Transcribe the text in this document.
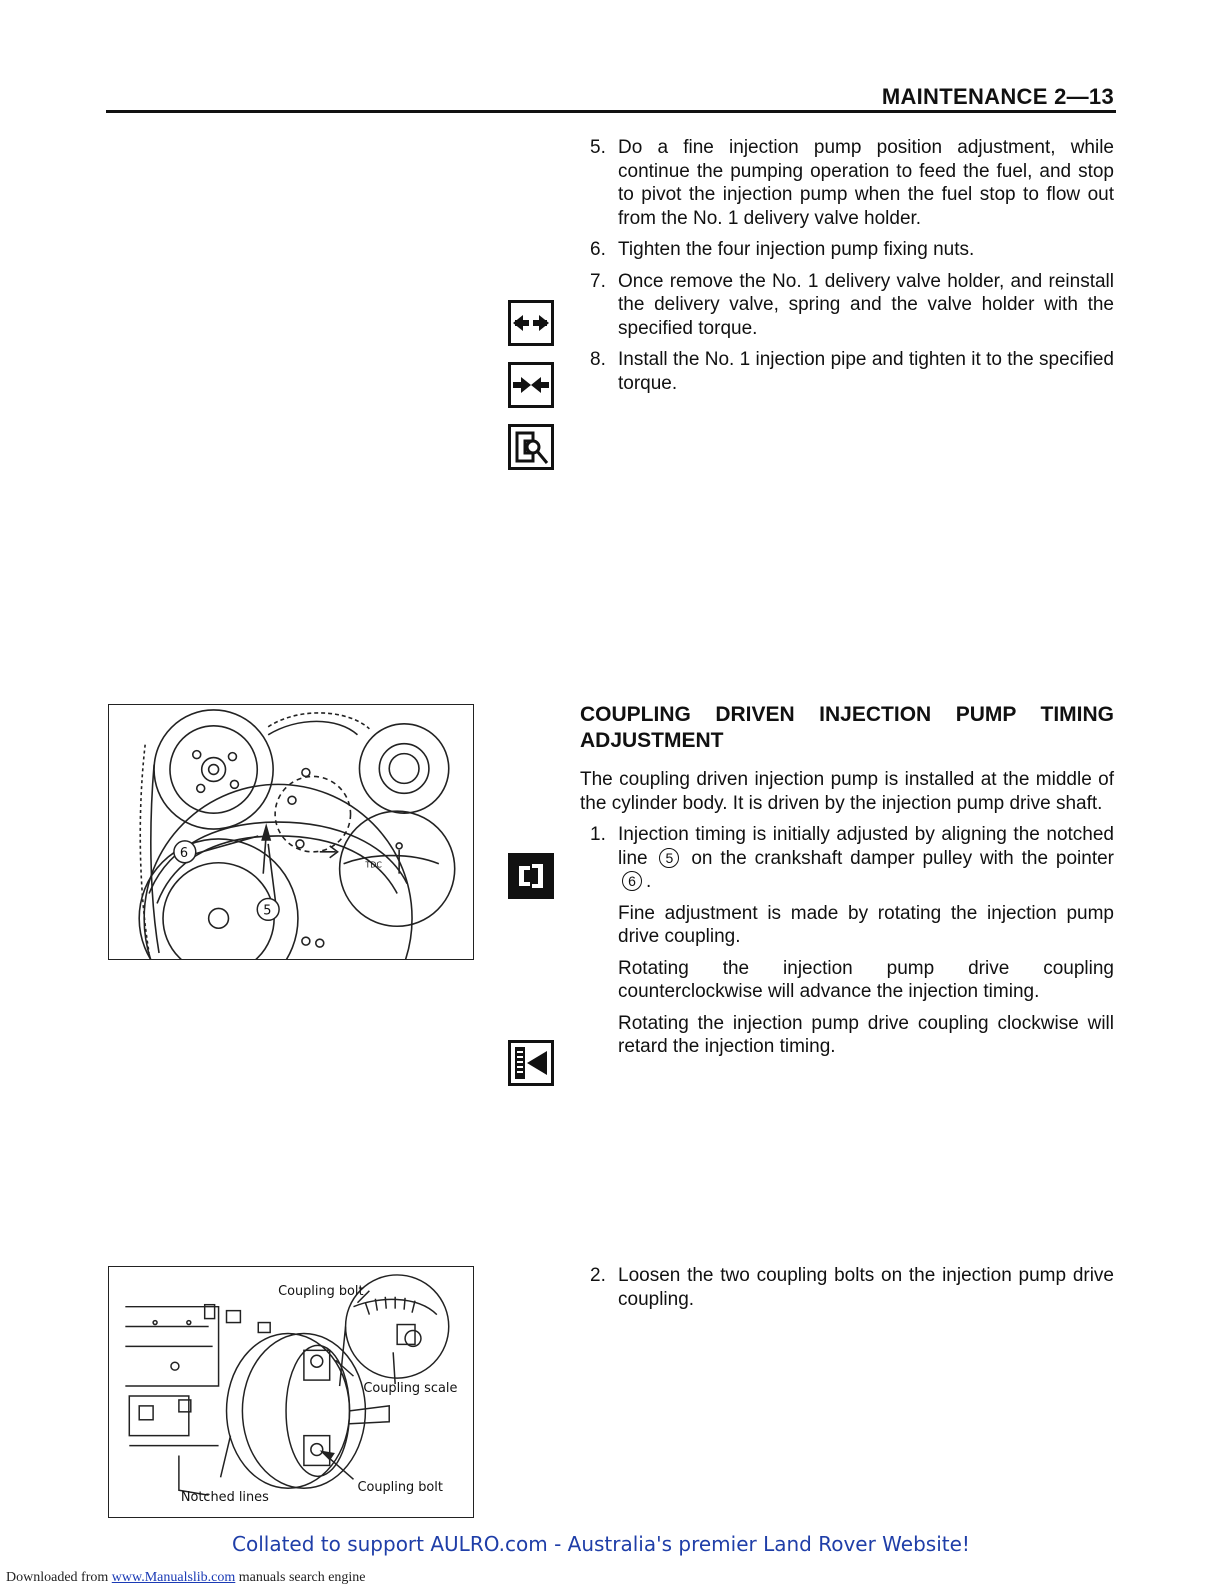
MAINTENANCE 2—13
5. Do a fine injection pump position adjustment, while continue the pumping operation to feed the fuel, and stop to pivot the injection pump when the fuel stop to flow out from the No. 1 delivery valve holder.
6. Tighten the four injection pump fixing nuts.
7. Once remove the No. 1 delivery valve holder, and reinstall the delivery valve, spring and the valve holder with the specified torque.
8. Install the No. 1 injection pipe and tighten it to the specified torque.
COUPLING DRIVEN INJECTION PUMP TIMING ADJUSTMENT
The coupling driven injection pump is installed at the middle of the cylinder body. It is driven by the injection pump drive shaft.
1. Injection timing is initially adjusted by aligning the notched line 5 on the crankshaft damper pulley with the pointer 6 .
Fine adjustment is made by rotating the injection pump drive coupling.
Rotating the injection pump drive coupling counterclockwise will advance the injection timing.
Rotating the injection pump drive coupling clockwise will retard the injection timing.
2. Loosen the two coupling bolts on the injection pump drive coupling.
6
5
TDC
Coupling bolt
Coupling scale
Coupling bolt
Notched lines
Collated to support AULRO.com - Australia's premier Land Rover Website!
Downloaded from www.Manualslib.com manuals search engine
